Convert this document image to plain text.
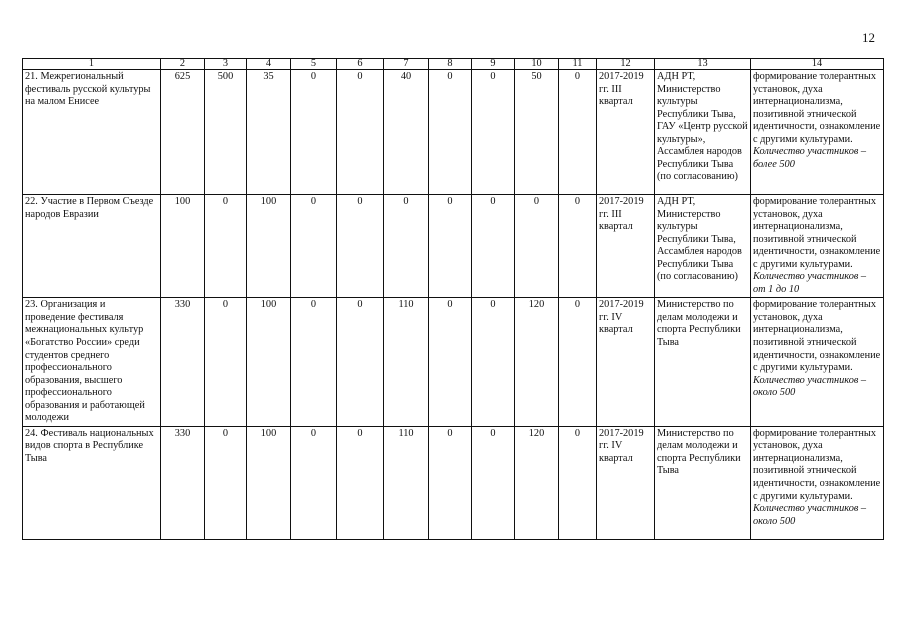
12
1	2	3	4	5	6	7	8	9	10	11	12	13	14
21. Межрегиональный фестиваль русской культуры на малом Енисее	625	500	35	0	0	40	0	0	50	0	2017-2019 гг. III квартал	АДН РТ, Министерство культуры Республики Тыва, ГАУ «Центр русской культуры», Ассамблея народов Республики Тыва (по согласованию)	формирование толерантных установок, духа интернационализма, позитивной этнической идентичности, ознакомление с другими культурами. Количество участников – более 500
22. Участие в Первом Съезде народов Евразии	100	0	100	0	0	0	0	0	0	0	2017-2019 гг. III квартал	АДН РТ, Министерство культуры Республики Тыва, Ассамблея народов Республики Тыва (по согласованию)	формирование толерантных установок, духа интернационализма, позитивной этнической идентичности, ознакомление с другими культурами. Количество участников – от 1 до 10
23. Организация и проведение фестиваля межнациональных культур «Богатство России» среди студентов среднего профессионального образования, высшего профессионального образования и работающей молодежи	330	0	100	0	0	110	0	0	120	0	2017-2019 гг. IV квартал	Министерство по делам молодежи и спорта Республики Тыва	формирование толерантных установок, духа интернационализма, позитивной этнической идентичности, ознакомление с другими культурами. Количество участников – около 500
24. Фестиваль национальных видов спорта в Республике Тыва	330	0	100	0	0	110	0	0	120	0	2017-2019 гг. IV квартал	Министерство по делам молодежи и спорта Республики Тыва	формирование толерантных установок, духа интернационализма, позитивной этнической идентичности, ознакомление с другими культурами. Количество участников – около 500
